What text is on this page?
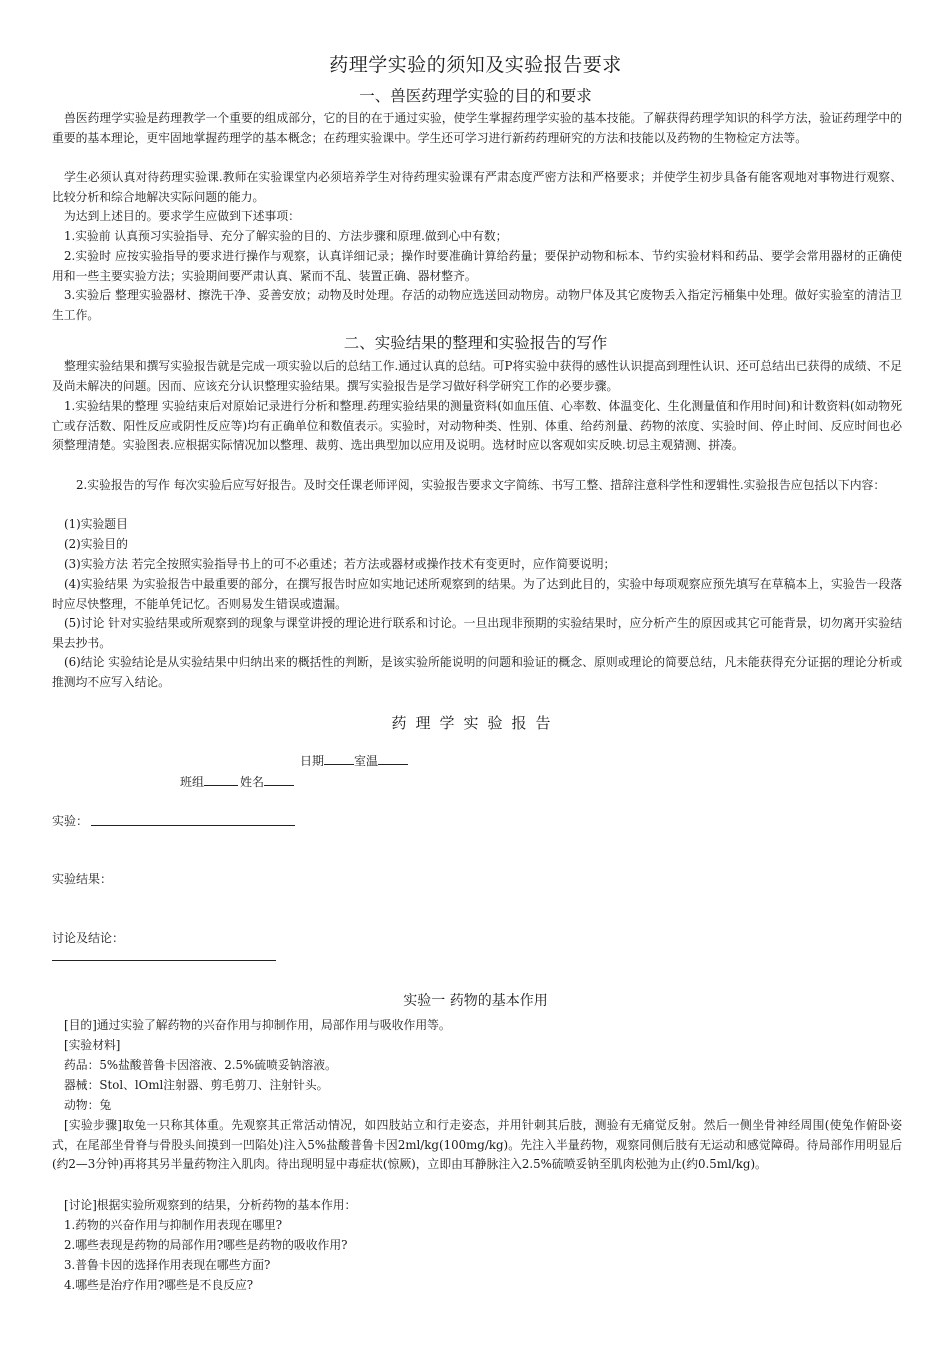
药理学实验的须知及实验报告要求
一、兽医药理学实验的目的和要求
兽医药理学实验是药理教学一个重要的组成部分，它的目的在于通过实验，使学生掌握药理学实验的基本技能。了解获得药理学知识的科学方法，验证药理学中的重要的基本理论，更牢固地掌握药理学的基本概念；在药理实验课中。学生还可学习进行新药药理研究的方法和技能以及药物的生物检定方法等。
学生必须认真对待药理实验课.教师在实验课堂内必须培养学生对待药理实验课有严肃态度严密方法和严格要求；并使学生初步具备有能客观地对事物进行观察、比较分析和综合地解决实际问题的能力。
为达到上述目的。要求学生应做到下述事项：
1.实验前 认真预习实验指导、充分了解实验的目的、方法步骤和原理.做到心中有数；
2.实验时 应按实验指导的要求进行操作与观察，认真详细记录；操作时要准确计算给药量；要保护动物和标本、节约实验材料和药品、要学会常用器材的正确使用和一些主要实验方法；实验期间要严肃认真、紧而不乱、装置正确、器材整齐。
3.实验后 整理实验器材、擦洗干净、妥善安放；动物及时处理。存活的动物应选送回动物房。动物尸体及其它废物丢入指定污桶集中处理。做好实验室的清洁卫生工作。
二、实验结果的整理和实验报告的写作
整理实验结果和撰写实验报告就是完成一项实验以后的总结工作.通过认真的总结。可P将实验中获得的感性认识提高到理性认识、还可总结出已获得的成绩、不足及尚未解决的问题。因而、应该充分认识整理实验结果。撰写实验报告是学习做好科学研究工作的必要步骤。
1.实验结果的整理 实验结束后对原始记录进行分析和整理.药理实验结果的测量资料(如血压值、心率数、体温变化、生化测量值和作用时间)和计数资料(如动物死亡或存活数、阳性反应或阴性反应等)均有正确单位和数值表示。实验时，对动物种类、性别、体重、给药剂量、药物的浓度、实验时间、停止时间、反应时间也必须整理清楚。实验图表.应根据实际情况加以整理、裁剪、选出典型加以应用及说明。选材时应以客观如实反映.切忌主观猜测、拼凑。
2.实验报告的写作 每次实验后应写好报告。及时交任课老师评阅，实验报告要求文字简练、书写工整、措辞注意科学性和逻辑性.实验报告应包括以下内容：
(1)实验题目
(2)实验目的
(3)实验方法 若完全按照实验指导书上的可不必重述；若方法或器材或操作技术有变更时，应作简要说明；
(4)实验结果 为实验报告中最重要的部分，在撰写报告时应如实地记述所观察到的结果。为了达到此目的，实验中每项观察应预先填写在草稿本上，实验告一段落时应尽快整理，不能单凭记忆。否则易发生错误或遗漏。
(5)讨论 针对实验结果或所观察到的现象与课堂讲授的理论进行联系和讨论。一旦出现非预期的实验结果时，应分析产生的原因或其它可能背景，切勿离开实验结果去抄书。
(6)结论 实验结论是从实验结果中归纳出来的概括性的判断，是该实验所能说明的问题和验证的概念、原则或理论的简要总结，凡未能获得充分证据的理论分析或推测均不应写入结论。
药理学实验报告
日期	室温
班组	姓名
实验：
实验结果：
讨论及结论：
实验一 药物的基本作用
[目的]通过实验了解药物的兴奋作用与抑制作用，局部作用与吸收作用等。
[实验材料]
药品：5%盐酸普鲁卡因溶液、2.5%硫喷妥钠溶液。
器械：Stol、lOml注射器、剪毛剪刀、注射针头。
动物：兔
[实验步骤]取兔一只称其体重。先观察其正常活动情况，如四肢站立和行走姿态，并用针刺其后肢，测验有无痛觉反射。然后一侧坐骨神经周围(使兔作俯卧姿式，在尾部坐骨脊与骨股头间摸到一凹陷处)注入5%盐酸普鲁卡因2ml/kg(100mg/kg)。先注入半量药物，观察同侧后肢有无运动和感觉障碍。待局部作用明显后(约2—3分钟)再将其另半量药物注入肌肉。待出现明显中毒症状(惊厥)，立即由耳静脉注入2.5%硫喷妥钠至肌肉松弛为止(约0.5ml/kg)。
[讨论]根据实验所观察到的结果，分析药物的基本作用：
1.药物的兴奋作用与抑制作用表现在哪里?
2.哪些表现是药物的局部作用?哪些是药物的吸收作用?
3.普鲁卡因的选择作用表现在哪些方面?
4.哪些是治疗作用?哪些是不良反应?
